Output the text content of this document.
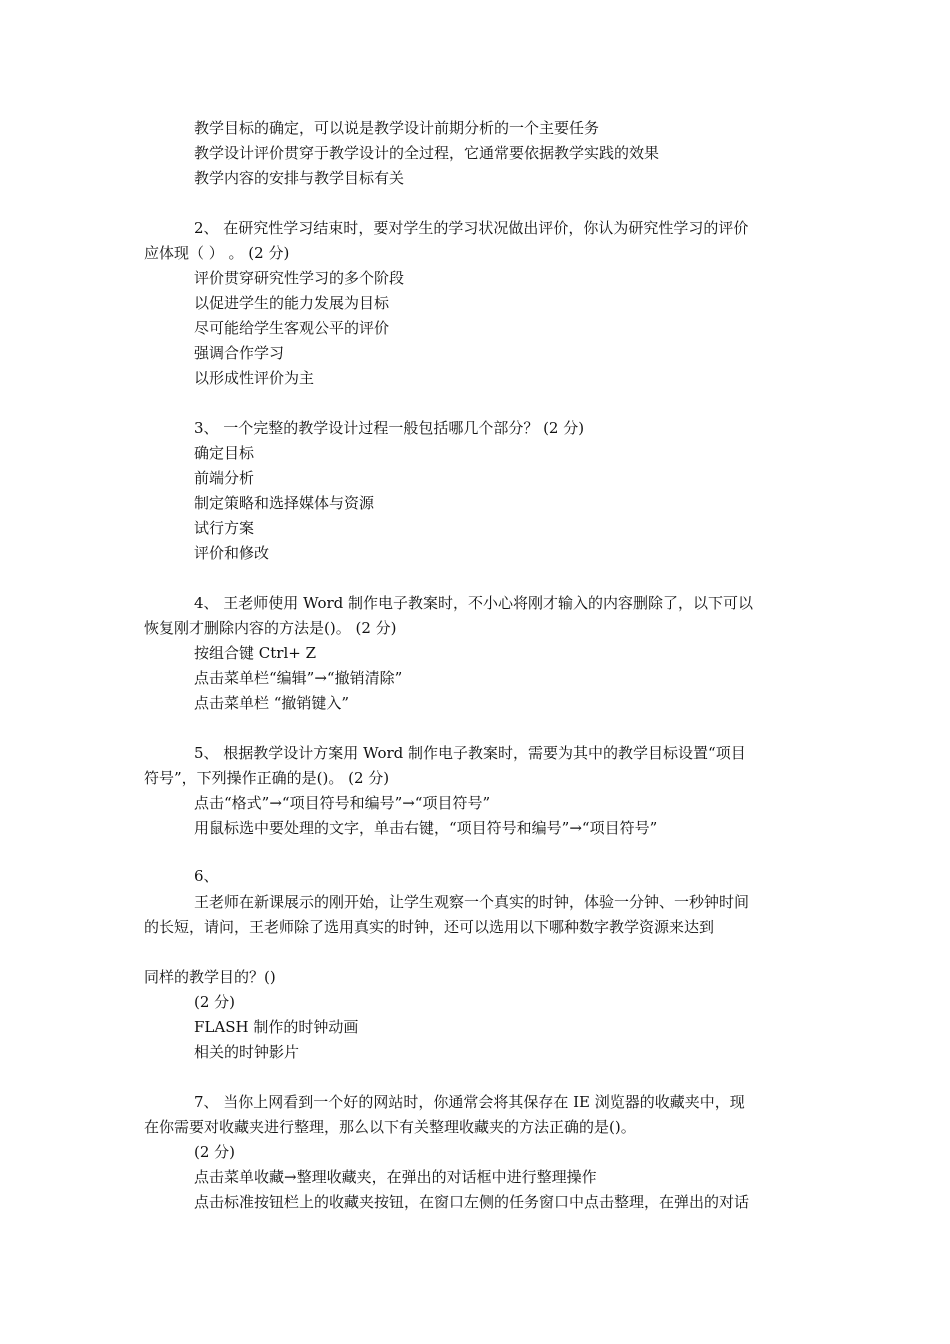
教学目标的确定，可以说是教学设计前期分析的一个主要任务
教学设计评价贯穿于教学设计的全过程，它通常要依据教学实践的效果
教学内容的安排与教学目标有关
2、 在研究性学习结束时，要对学生的学习状况做出评价，你认为研究性学习的评价
应体现（ ） 。 (2 分)
评价贯穿研究性学习的多个阶段
以促进学生的能力发展为目标
尽可能给学生客观公平的评价
强调合作学习
以形成性评价为主
3、 一个完整的教学设计过程一般包括哪几个部分？ (2 分)
确定目标
前端分析
制定策略和选择媒体与资源
试行方案
评价和修改
4、 王老师使用 Word 制作电子教案时，不小心将刚才输入的内容删除了，以下可以
恢复刚才删除内容的方法是()。 (2 分)
按组合键 Ctrl+ Z
点击菜单栏“编辑”→“撤销清除”
点击菜单栏 “撤销键入”
5、 根据教学设计方案用 Word 制作电子教案时，需要为其中的教学目标设置“项目
符号”，下列操作正确的是()。 (2 分)
点击“格式”→“项目符号和编号”→“项目符号”
用鼠标选中要处理的文字，单击右键，“项目符号和编号”→“项目符号”
6、
王老师在新课展示的刚开始，让学生观察一个真实的时钟，体验一分钟、一秒钟时间
的长短，请问，王老师除了选用真实的时钟，还可以选用以下哪种数字教学资源来达到
同样的教学目的？()
(2 分)
FLASH 制作的时钟动画
相关的时钟影片
7、 当你上网看到一个好的网站时，你通常会将其保存在 IE 浏览器的收藏夹中，现
在你需要对收藏夹进行整理，那么以下有关整理收藏夹的方法正确的是()。
(2 分)
点击菜单收藏→整理收藏夹，在弹出的对话框中进行整理操作
点击标准按钮栏上的收藏夹按钮，在窗口左侧的任务窗口中点击整理，在弹出的对话
